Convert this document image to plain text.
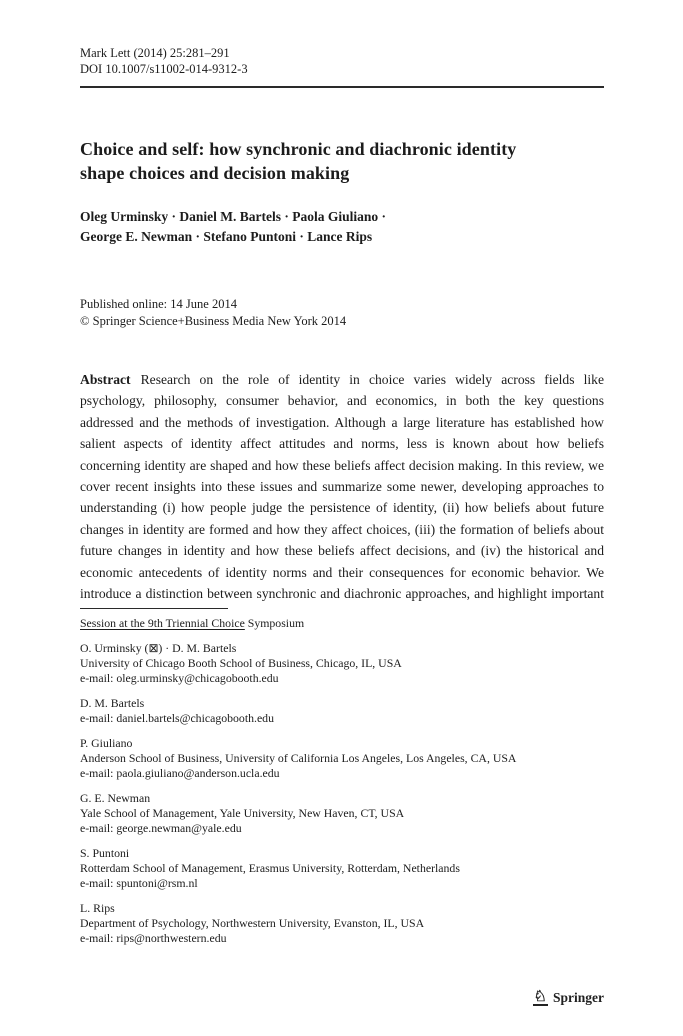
Mark Lett (2014) 25:281–291
DOI 10.1007/s11002-014-9312-3
Choice and self: how synchronic and diachronic identity
shape choices and decision making
Oleg Urminsky · Daniel M. Bartels · Paola Giuliano ·
George E. Newman · Stefano Puntoni · Lance Rips
Published online: 14 June 2014
© Springer Science+Business Media New York 2014

Abstract Research on the role of identity in choice varies widely across fields like psychology, philosophy, consumer behavior, and economics, in both the key questions addressed and the methods of investigation. Although a large literature has established how salient aspects of identity affect attitudes and norms, less is known about how beliefs concerning identity are shaped and how these beliefs affect decision making. In this review, we cover recent insights into these issues and summarize some newer, developing approaches to understanding (i) how people judge the persistence of identity, (ii) how beliefs about future changes in identity are formed and how they affect choices, (iii) the formation of beliefs about future changes in identity and how these beliefs affect decisions, and (iv) the historical and economic antecedents of identity norms and their consequences for economic behavior. We introduce a distinction between synchronic and diachronic approaches, and highlight important

Session at the 9th Triennial Choice Symposium
O. Urminsky (⊠) · D. M. Bartels
University of Chicago Booth School of Business, Chicago, IL, USA
e-mail: oleg.urminsky@chicagobooth.edu
D. M. Bartels
e-mail: daniel.bartels@chicagobooth.edu
P. Giuliano
Anderson School of Business, University of California Los Angeles, Los Angeles, CA, USA
e-mail: paola.giuliano@anderson.ucla.edu
G. E. Newman
Yale School of Management, Yale University, New Haven, CT, USA
e-mail: george.newman@yale.edu
S. Puntoni
Rotterdam School of Management, Erasmus University, Rotterdam, Netherlands
e-mail: spuntoni@rsm.nl
L. Rips
Department of Psychology, Northwestern University, Evanston, IL, USA
e-mail: rips@northwestern.edu
♘ Springer
